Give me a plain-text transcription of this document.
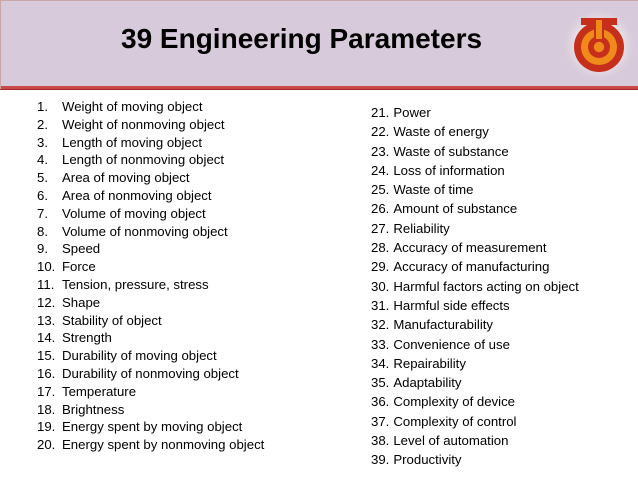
39 Engineering Parameters
1. Weight of moving object
2. Weight of nonmoving object
3. Length of moving object
4. Length of nonmoving object
5. Area of moving object
6. Area of nonmoving object
7. Volume of moving object
8. Volume of nonmoving object
9. Speed
10. Force
11. Tension, pressure, stress
12. Shape
13. Stability of object
14. Strength
15. Durability of moving object
16. Durability of nonmoving object
17. Temperature
18. Brightness
19. Energy spent by moving object
20. Energy spent by nonmoving object
21. Power
22. Waste of energy
23. Waste of substance
24. Loss of information
25. Waste of time
26. Amount of substance
27. Reliability
28. Accuracy of measurement
29. Accuracy of manufacturing
30. Harmful factors acting on object
31. Harmful side effects
32. Manufacturability
33. Convenience of use
34. Repairability
35. Adaptability
36. Complexity of device
37. Complexity of control
38. Level of automation
39. Productivity
